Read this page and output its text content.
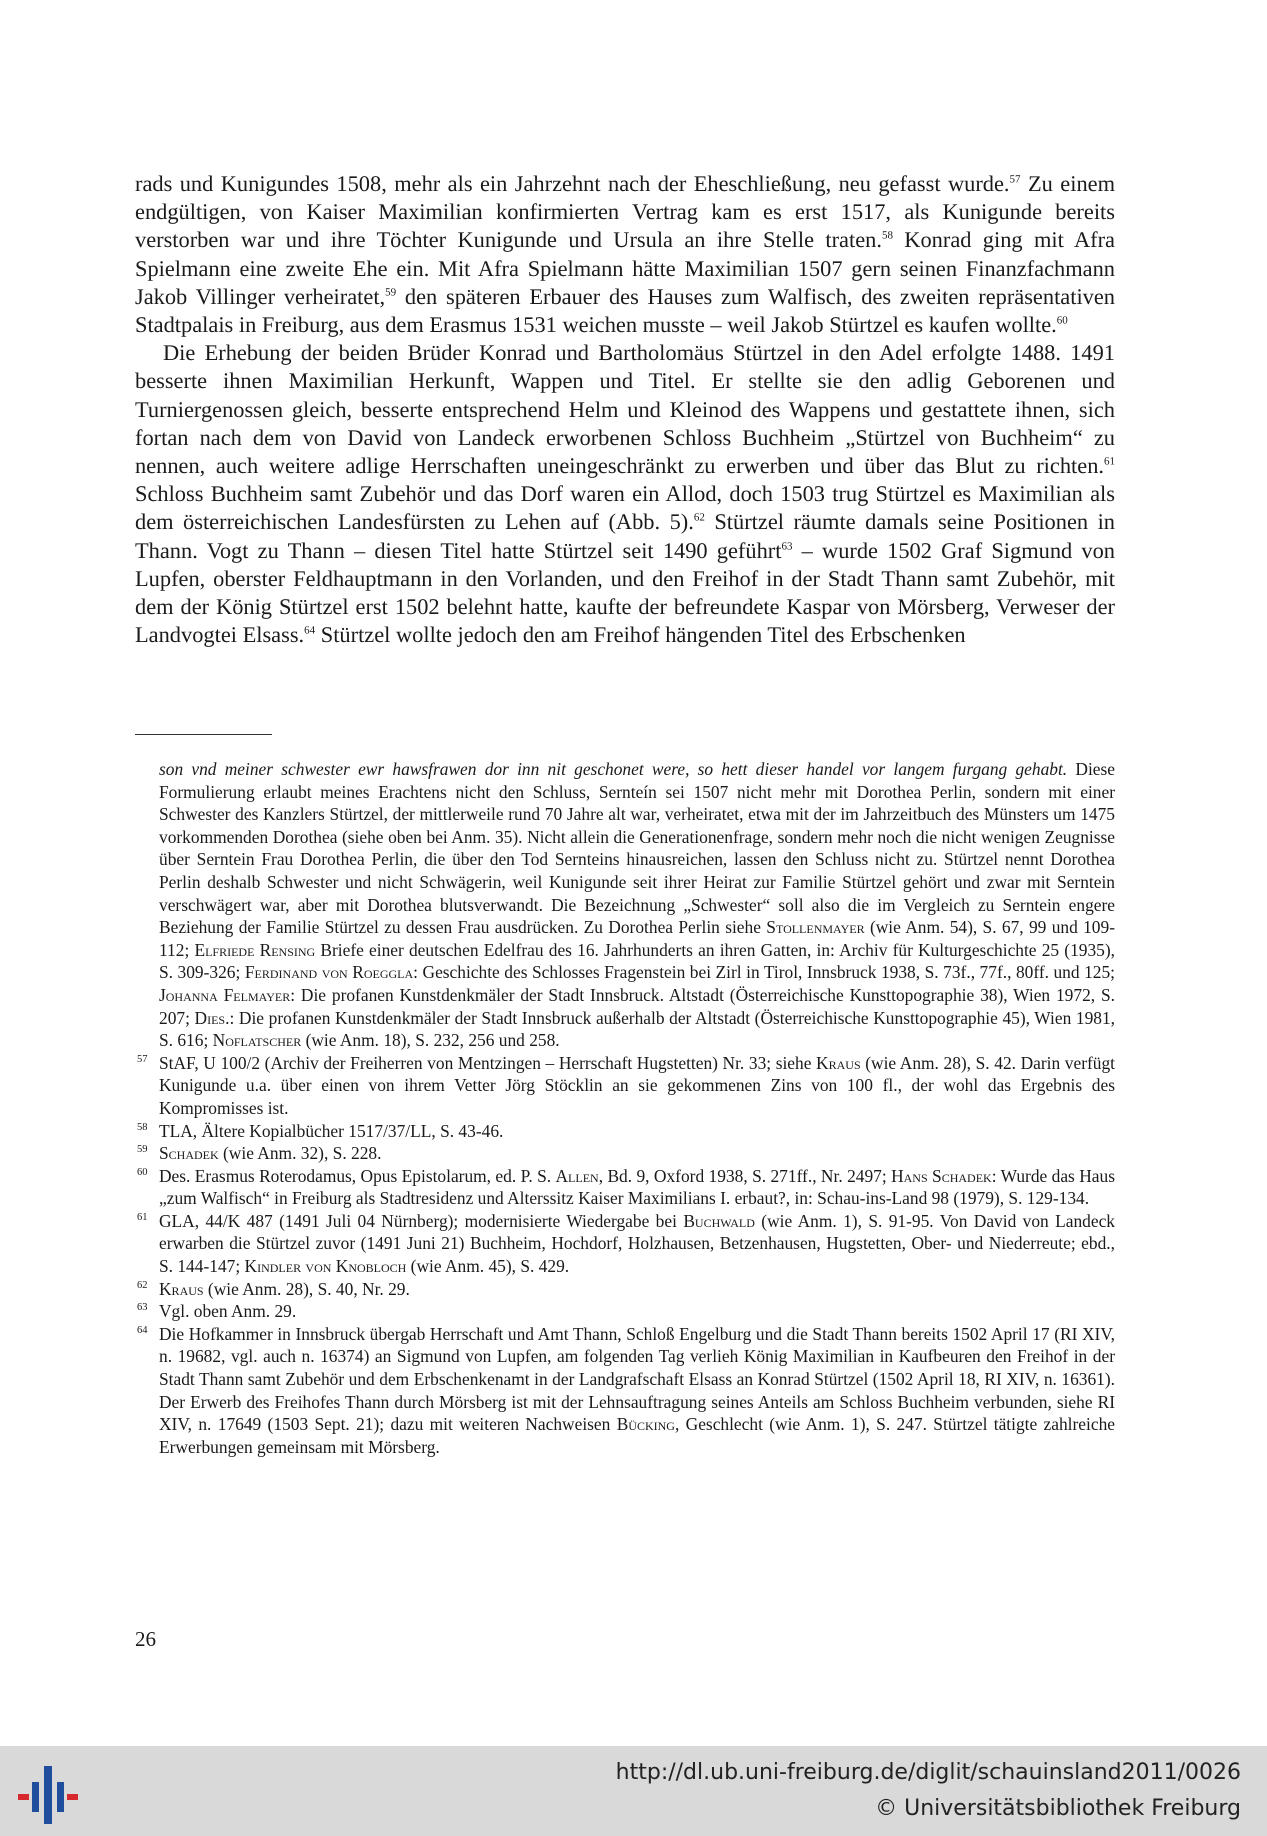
rads und Kunigundes 1508, mehr als ein Jahrzehnt nach der Eheschließung, neu gefasst wurde.$^{57}$ Zu einem endgültigen, von Kaiser Maximilian konfirmierten Vertrag kam es erst 1517, als Kunigunde bereits verstorben war und ihre Töchter Kunigunde und Ursula an ihre Stelle traten.$^{58}$ Konrad ging mit Afra Spielmann eine zweite Ehe ein. Mit Afra Spielmann hätte Maximilian 1507 gern seinen Finanzfachmann Jakob Villinger verheiratet,$^{59}$ den späteren Erbauer des Hauses zum Walfisch, des zweiten repräsentativen Stadtpalais in Freiburg, aus dem Erasmus 1531 weichen musste – weil Jakob Stürtzel es kaufen wollte.$^{60}$

Die Erhebung der beiden Brüder Konrad und Bartholomäus Stürtzel in den Adel erfolgte 1488. 1491 besserte ihnen Maximilian Herkunft, Wappen und Titel. Er stellte sie den adlig Geborenen und Turniergenossen gleich, besserte entsprechend Helm und Kleinod des Wappens und gestattete ihnen, sich fortan nach dem von David von Landeck erworbenen Schloss Buchheim „Stürtzel von Buchheim“ zu nennen, auch weitere adlige Herrschaften uneingeschränkt zu erwerben und über das Blut zu richten.$^{61}$ Schloss Buchheim samt Zubehör und das Dorf waren ein Allod, doch 1503 trug Stürtzel es Maximilian als dem österreichischen Landesfürsten zu Lehen auf (Abb. 5).$^{62}$ Stürtzel räumte damals seine Positionen in Thann. Vogt zu Thann – diesen Titel hatte Stürtzel seit 1490 geführt$^{63}$ – wurde 1502 Graf Sigmund von Lupfen, oberster Feldhauptmann in den Vorlanden, und den Freihof in der Stadt Thann samt Zubehör, mit dem der König Stürtzel erst 1502 belehnt hatte, kaufte der befreundete Kaspar von Mörsberg, Verweser der Landvogtei Elsass.$^{64}$ Stürtzel wollte jedoch den am Freihof hängenden Titel des Erbschenken

son vnd meiner schwester ewr hawsfrawen dor inn nit geschonet were, so hett dieser handel vor langem furgang gehabt. Diese Formulierung erlaubt meines Erachtens nicht den Schluss, Sernteín sei 1507 nicht mehr mit Dorothea Perlin, sondern mit einer Schwester des Kanzlers Stürtzel, der mittlerweile rund 70 Jahre alt war, verheiratet, etwa mit der im Jahrzeitbuch des Münsters um 1475 vorkommenden Dorothea (siehe oben bei Anm. 35). Nicht allein die Generationenfrage, sondern mehr noch die nicht wenigen Zeugnisse über Serntein Frau Dorothea Perlin, die über den Tod Sernteins hinausreichen, lassen den Schluss nicht zu. Stürtzel nennt Dorothea Perlin deshalb Schwester und nicht Schwägerin, weil Kunigunde seit ihrer Heirat zur Familie Stürtzel gehört und zwar mit Serntein verschwägert war, aber mit Dorothea blutsverwandt. Die Bezeichnung „Schwester“ soll also die im Vergleich zu Serntein engere Beziehung der Familie Stürtzel zu dessen Frau ausdrücken. Zu Dorothea Perlin siehe Stollenmayer (wie Anm. 54), S. 67, 99 und 109-112; Elfriede Rensing Briefe einer deutschen Edelfrau des 16. Jahrhunderts an ihren Gatten, in: Archiv für Kulturgeschichte 25 (1935), S. 309-326; Ferdinand von Roeggla: Geschichte des Schlosses Fragenstein bei Zirl in Tirol, Innsbruck 1938, S. 73f., 77f., 80ff. und 125; Johanna Felmayer: Die profanen Kunstdenkmäler der Stadt Innsbruck. Altstadt (Österreichische Kunsttopographie 38), Wien 1972, S. 207; Dies.: Die profanen Kunstdenkmäler der Stadt Innsbruck außerhalb der Altstadt (Österreichische Kunsttopographie 45), Wien 1981, S. 616; Noflatscher (wie Anm. 18), S. 232, 256 und 258.
57 StAF, U 100/2 (Archiv der Freiherren von Mentzingen – Herrschaft Hugstetten) Nr. 33; siehe Kraus (wie Anm. 28), S. 42. Darin verfügt Kunigunde u.a. über einen von ihrem Vetter Jörg Stöcklin an sie gekommenen Zins von 100 fl., der wohl das Ergebnis des Kompromisses ist.
58 TLA, Ältere Kopialbücher 1517/37/LL, S. 43-46.
59 Schadek (wie Anm. 32), S. 228.
60 Des. Erasmus Roterodamus, Opus Epistolarum, ed. P. S. Allen, Bd. 9, Oxford 1938, S. 271ff., Nr. 2497; Hans Schadek: Wurde das Haus „zum Walfisch“ in Freiburg als Stadtresidenz und Alterssitz Kaiser Maximilians I. erbaut?, in: Schau-ins-Land 98 (1979), S. 129-134.
61 GLA, 44/K 487 (1491 Juli 04 Nürnberg); modernisierte Wiedergabe bei Buchwald (wie Anm. 1), S. 91-95. Von David von Landeck erwarben die Stürtzel zuvor (1491 Juni 21) Buchheim, Hochdorf, Holzhausen, Betzenhausen, Hugstetten, Ober- und Niederreute; ebd., S. 144-147; Kindler von Knobloch (wie Anm. 45), S. 429.
62 Kraus (wie Anm. 28), S. 40, Nr. 29.
63 Vgl. oben Anm. 29.
64 Die Hofkammer in Innsbruck übergab Herrschaft und Amt Thann, Schloß Engelburg und die Stadt Thann bereits 1502 April 17 (RI XIV, n. 19682, vgl. auch n. 16374) an Sigmund von Lupfen, am folgenden Tag verlieh König Maximilian in Kaufbeuren den Freihof in der Stadt Thann samt Zubehör und dem Erbschenkenamt in der Landgrafschaft Elsass an Konrad Stürtzel (1502 April 18, RI XIV, n. 16361). Der Erwerb des Freihofes Thann durch Mörsberg ist mit der Lehnsauftragung seines Anteils am Schloss Buchheim verbunden, siehe RI XIV, n. 17649 (1503 Sept. 21); dazu mit weiteren Nachweisen Bücking, Geschlecht (wie Anm. 1), S. 247. Stürtzel tätigte zahlreiche Erwerbungen gemeinsam mit Mörsberg.
26
http://dl.ub.uni-freiburg.de/diglit/schauinsland2011/0026
© Universitätsbibliothek Freiburg
